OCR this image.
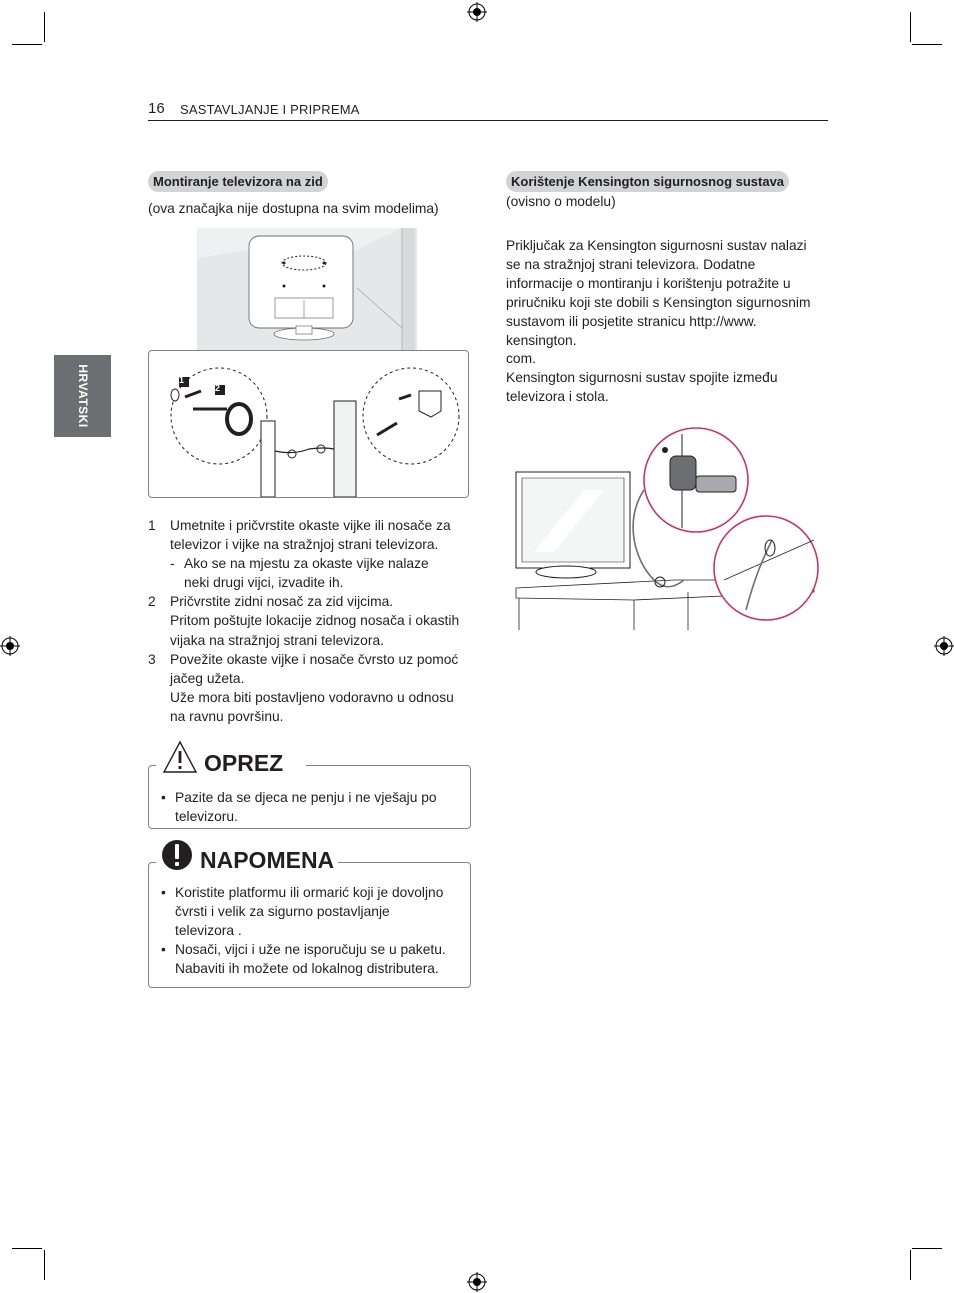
16 SASTAVLJANJE I PRIPREMA
HRVATSKI
Montiranje televizora na zid
(ova značajka nije dostupna na svim modelima)
1
2
1 Umetnite i pričvrstite okaste vijke ili nosače za
televizor i vijke na stražnjoj strani televizora.
- Ako se na mjestu za okaste vijke nalaze
neki drugi vijci, izvadite ih.
2 Pričvrstite zidni nosač za zid vijcima.
Pritom poštujte lokacije zidnog nosača i okastih
vijaka na stražnjoj strani televizora.
3 Povežite okaste vijke i nosače čvrsto uz pomoć
jačeg užeta.
Uže mora biti postavljeno vodoravno u odnosu
na ravnu površinu.
• Pazite da se djeca ne penju i ne vješaju po
televizoru.
OPREZ
• Koristite platformu ili ormarić koji je dovoljno
čvrsti i velik za sigurno postavljanje
televizora .
• Nosači, vijci i uže ne isporučuju se u paketu.
Nabaviti ih možete od lokalnog distributera.
NAPOMENA
Korištenje Kensington sigurnosnog sustava
(ovisno o modelu)
Priključak za Kensington sigurnosni sustav nalazi
se na stražnjoj strani televizora. Dodatne
informacije o montiranju i korištenju potražite u
priručniku koji ste dobili s Kensington sigurnosnim
sustavom ili posjetite stranicu http://www.
kensington.
com.
Kensington sigurnosni sustav spojite između
televizora i stola.
